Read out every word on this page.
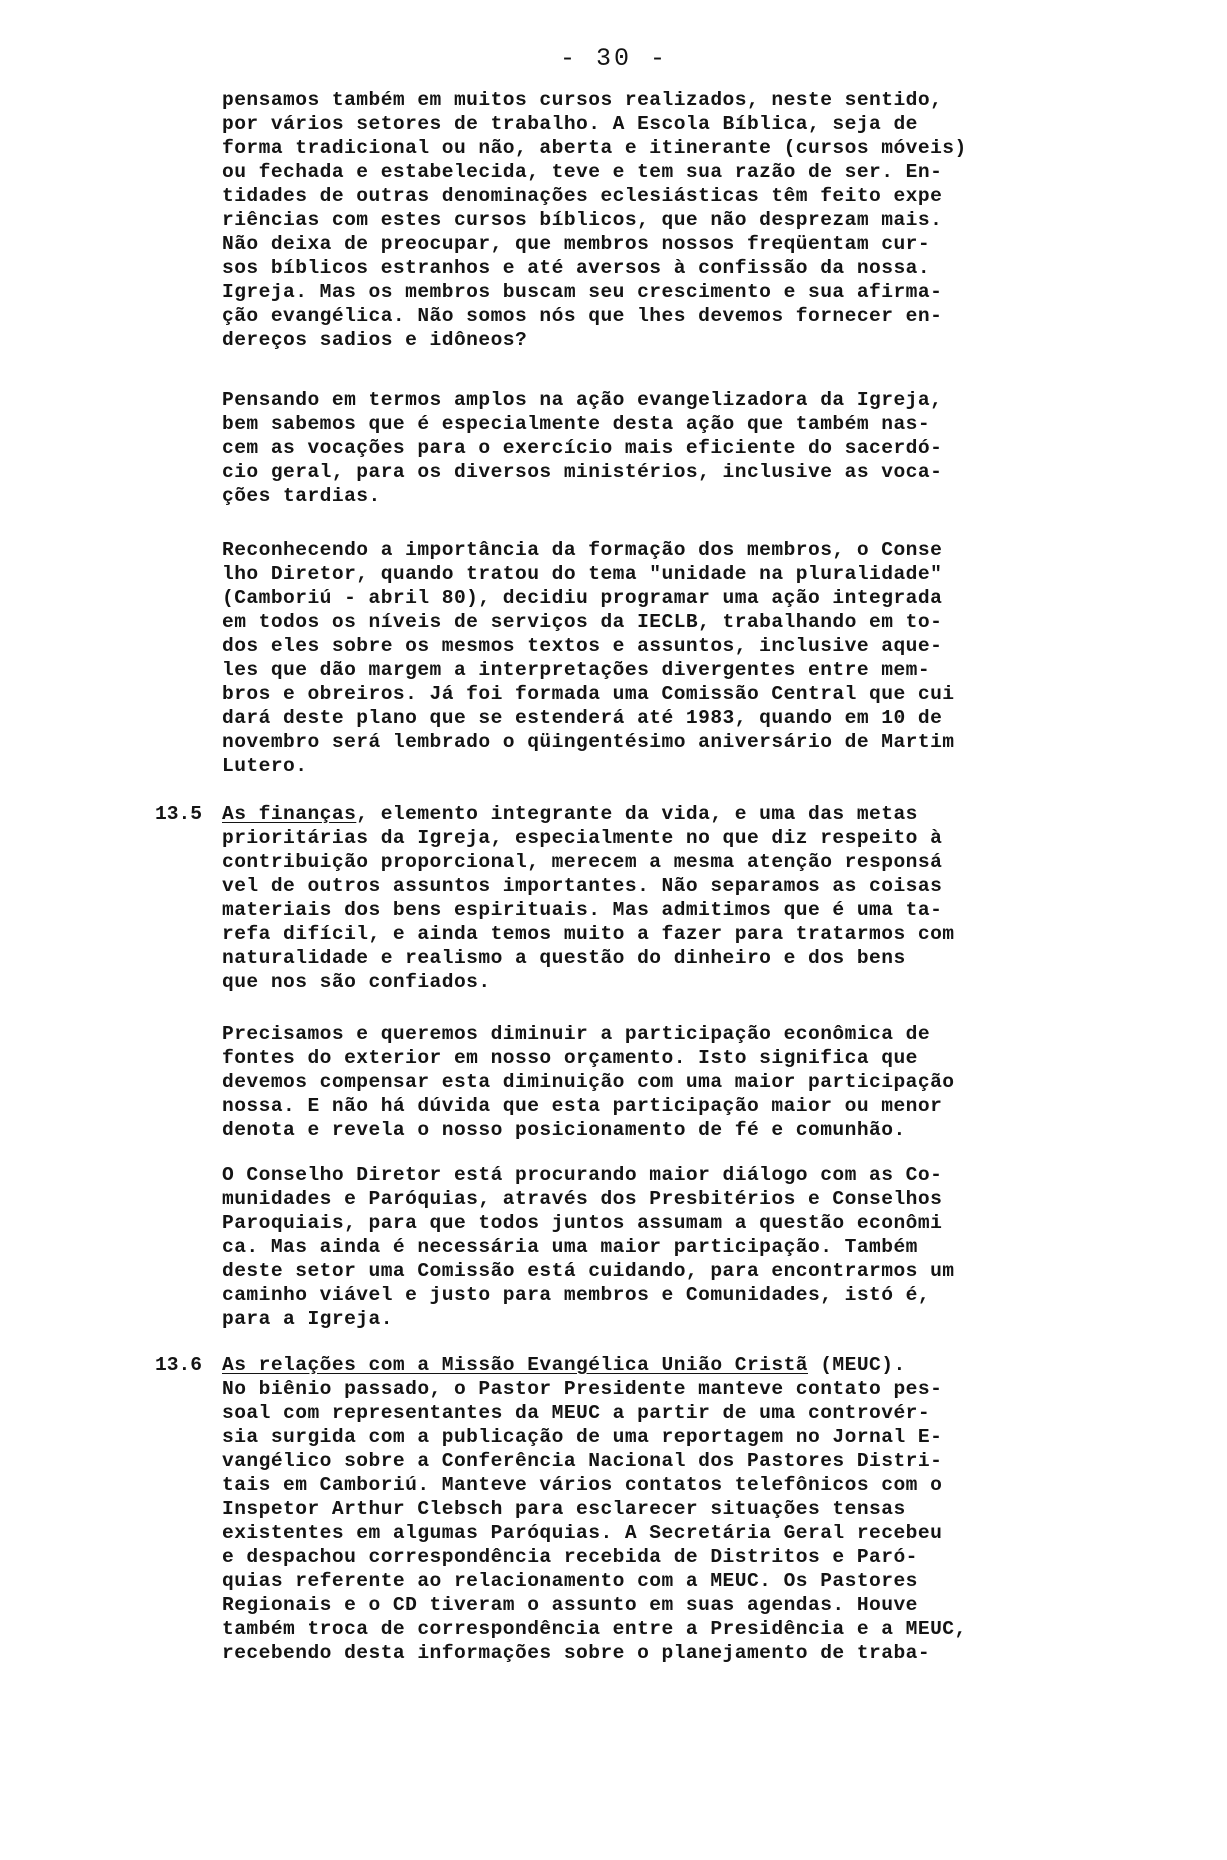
- 30 -
pensamos também em muitos cursos realizados, neste sentido,
por vários setores de trabalho. A Escola Bíblica, seja de
forma tradicional ou não, aberta e itinerante (cursos móveis)
ou fechada e estabelecida, teve e tem sua razão de ser. En-
tidades de outras denominações eclesiásticas têm feito expe
riências com estes cursos bíblicos, que não desprezam mais.
Não deixa de preocupar, que membros nossos freqüentam cur-
sos bíblicos estranhos e até aversos à confissão da nossa.
Igreja. Mas os membros buscam seu crescimento e sua afirma-
ção evangélica. Não somos nós que lhes devemos fornecer en-
dereços sadios e idôneos?
Pensando em termos amplos na ação evangelizadora da Igreja,
bem sabemos que é especialmente desta ação que também nas-
cem as vocações para o exercício mais eficiente do sacerdó-
cio geral, para os diversos ministérios, inclusive as voca-
ções tardias.
Reconhecendo a importância da formação dos membros, o Conse
lho Diretor, quando tratou do tema "unidade na pluralidade"
(Camboriú - abril 80), decidiu programar uma ação integrada
em todos os níveis de serviços da IECLB, trabalhando em to-
dos eles sobre os mesmos textos e assuntos, inclusive aque-
les que dão margem a interpretações divergentes entre mem-
bros e obreiros. Já foi formada uma Comissão Central que cui
dará deste plano que se estenderá até 1983, quando em 10 de
novembro será lembrado o qüingentésimo aniversário de Martim
Lutero.
13.5 As finanças, elemento integrante da vida, e uma das metas
prioritárias da Igreja, especialmente no que diz respeito à
contribuição proporcional, merecem a mesma atenção responsá
vel de outros assuntos importantes. Não separamos as coisas
materiais dos bens espirituais. Mas admitimos que é uma ta-
refa difícil, e ainda temos muito a fazer para tratarmos com
naturalidade e realismo a questão do dinheiro e dos bens
que nos são confiados.
Precisamos e queremos diminuir a participação econômica de
fontes do exterior em nosso orçamento. Isto significa que
devemos compensar esta diminuição com uma maior participação
nossa. E não há dúvida que esta participação maior ou menor
denota e revela o nosso posicionamento de fé e comunhão.
O Conselho Diretor está procurando maior diálogo com as Co-
munidades e Paróquias, através dos Presbitérios e Conselhos
Paroquiais, para que todos juntos assumam a questão econômi
ca. Mas ainda é necessária uma maior participação. Também
deste setor uma Comissão está cuidando, para encontrarmos um
caminho viável e justo para membros e Comunidades, istó é,
para a Igreja.
13.6 As relações com a Missão Evangélica União Cristã (MEUC).
No biênio passado, o Pastor Presidente manteve contato pes-
soal com representantes da MEUC a partir de uma controvér-
sia surgida com a publicação de uma reportagem no Jornal E-
vangélico sobre a Conferência Nacional dos Pastores Distri-
tais em Camboriú. Manteve vários contatos telefônicos com o
Inspetor Arthur Clebsch para esclarecer situações tensas
existentes em algumas Paróquias. A Secretária Geral recebeu
e despachou correspondência recebida de Distritos e Paró-
quias referente ao relacionamento com a MEUC. Os Pastores
Regionais e o CD tiveram o assunto em suas agendas. Houve
também troca de correspondência entre a Presidência e a MEUC,
recebendo desta informações sobre o planejamento de traba-
